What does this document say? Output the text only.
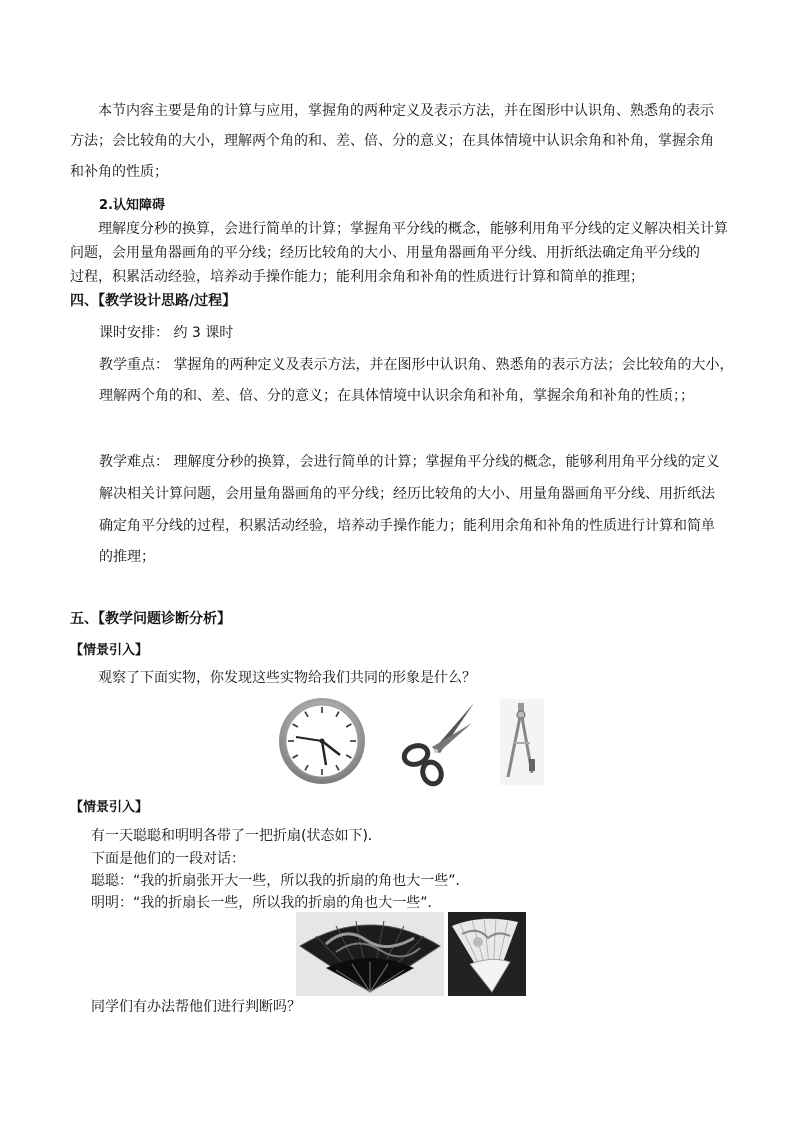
本节内容主要是角的计算与应用，掌握角的两种定义及表示方法，并在图形中认识角、熟悉角的表示
方法；会比较角的大小，理解两个角的和、差、倍、分的意义；在具体情境中认识余角和补角，掌握余角
和补角的性质；
2.认知障碍
理解度分秒的换算，会进行简单的计算；掌握角平分线的概念，能够利用角平分线的定义解决相关计算
问题，会用量角器画角的平分线；经历比较角的大小、用量角器画角平分线、用折纸法确定角平分线的
过程，积累活动经验，培养动手操作能力；能利用余角和补角的性质进行计算和简单的推理；
四、【教学设计思路/过程】
课时安排： 约 3 课时
教学重点： 掌握角的两种定义及表示方法，并在图形中认识角、熟悉角的表示方法；会比较角的大小，
理解两个角的和、差、倍、分的意义；在具体情境中认识余角和补角，掌握余角和补角的性质；；
教学难点： 理解度分秒的换算，会进行简单的计算；掌握角平分线的概念，能够利用角平分线的定义
解决相关计算问题，会用量角器画角的平分线；经历比较角的大小、用量角器画角平分线、用折纸法
确定角平分线的过程，积累活动经验，培养动手操作能力；能利用余角和补角的性质进行计算和简单
的推理；
五、【教学问题诊断分析】
【情景引入】
观察了下面实物，你发现这些实物给我们共同的形象是什么？
【情景引入】
有一天聪聪和明明各带了一把折扇(状态如下)．
下面是他们的一段对话：
聪聪：“我的折扇张开大一些，所以我的折扇的角也大一些”．
明明：“我的折扇长一些，所以我的折扇的角也大一些”．
同学们有办法帮他们进行判断吗？
